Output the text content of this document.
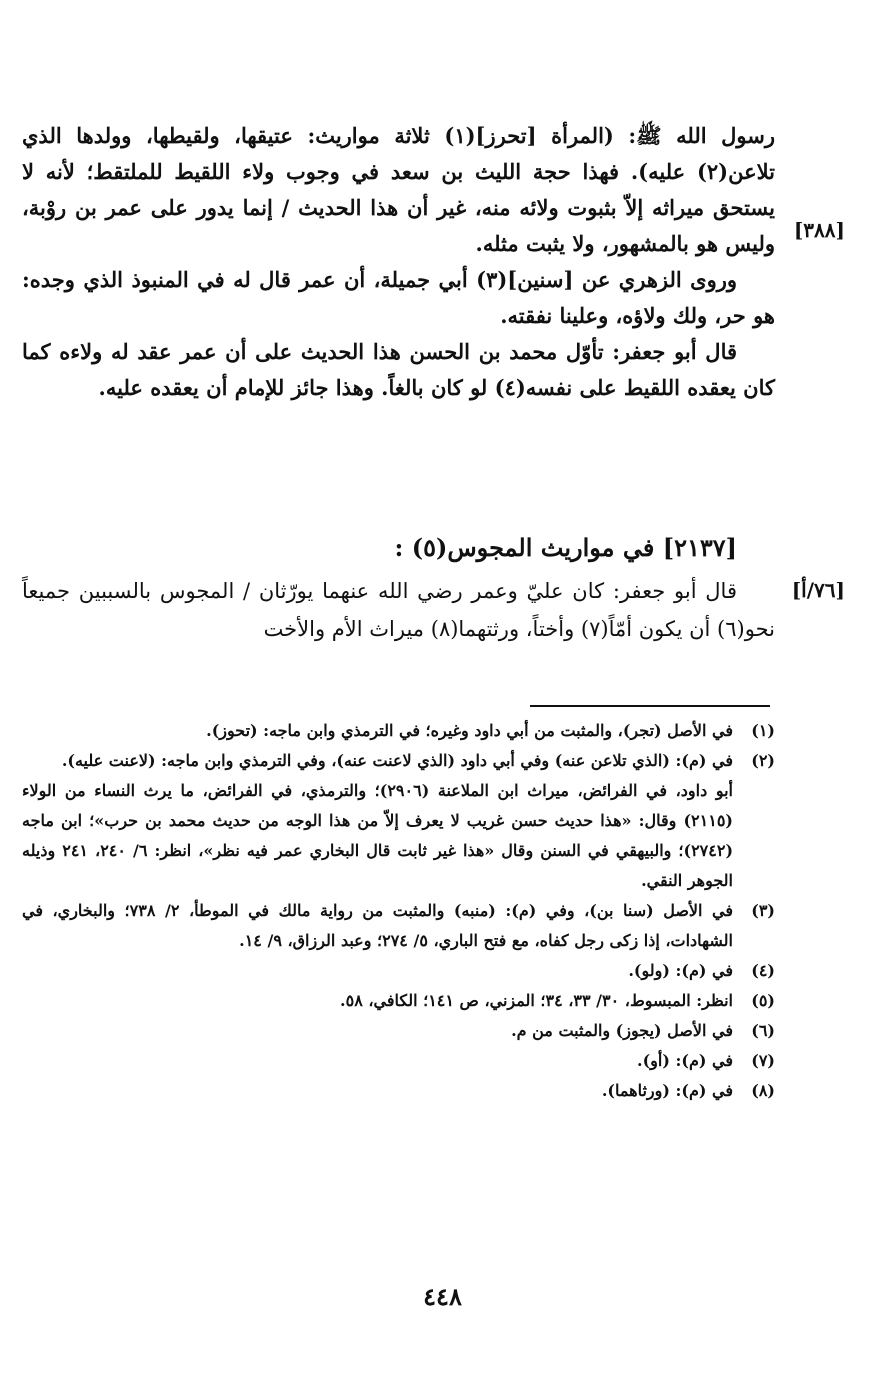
رسول الله ﷺ: (المرأة [تحرز](١) ثلاثة مواريث: عتيقها، ولقيطها، وولدها الذي تلاعن(٢) عليه). فهذا حجة الليث بن سعد في وجوب ولاء اللقيط للملتقط؛ لأنه لا يستحق ميراثه إلاّ بثبوت ولائه منه، غير أن هذا الحديث / إنما يدور على عمر بن روْبة، وليس هو بالمشهور، ولا يثبت مثله.

وروى الزهري عن [سنين](٣) أبي جميلة، أن عمر قال له في المنبوذ الذي وجده: هو حر، ولك ولاؤه، وعلينا نفقته.

قال أبو جعفر: تأوّل محمد بن الحسن هذا الحديث على أن عمر عقد له ولاءه كما كان يعقده اللقيط على نفسه(٤) لو كان بالغاً. وهذا جائز للإمام أن يعقده عليه.

[٣٨٨]
[٢١٣٧] في مواريث المجوس(٥) :

قال أبو جعفر: كان عليّ وعمر رضي الله عنهما يورّثان / المجوس بالسببين جميعاً نحو(٦) أن يكون أمّاً(٧) وأختاً، ورثتهما(٨) ميراث الأم والأخت

[٧٦/أ]
(١)
في الأصل (تجر)، والمثبت من أبي داود وغيره؛ في الترمذي وابن ماجه: (تحوز).
(٢)
في (م): (الذي تلاعن عنه) وفي أبي داود (الذي لاعنت عنه)، وفي الترمذي وابن ماجه: (لاعنت عليه).
أبو داود، في الفرائض، ميراث ابن الملاعنة (٢٩٠٦)؛ والترمذي، في الفرائض، ما يرث النساء من الولاء (٢١١٥) وقال: «هذا حديث حسن غريب لا يعرف إلاّ من هذا الوجه من حديث محمد بن حرب»؛ ابن ماجه (٢٧٤٢)؛ والبيهقي في السنن وقال «هذا غير ثابت قال البخاري عمر فيه نظر»، انظر: ٦/ ٢٤٠، ٢٤١ وذيله الجوهر النقي.
(٣)
في الأصل (سنا بن)، وفي (م): (منبه) والمثبت من رواية مالك في الموطأ، ٢/ ٧٣٨؛ والبخاري، في الشهادات، إذا زكى رجل كفاه، مع فتح الباري، ٥/ ٢٧٤؛ وعبد الرزاق، ٩/ ١٤.
(٤)
في (م): (ولو).
(٥)
انظر: المبسوط، ٣٠/ ٣٣، ٣٤؛ المزني، ص ١٤١؛ الكافي، ٥٨.
(٦)
في الأصل (يجوز) والمثبت من م.
(٧)
في (م): (أو).
(٨)
في (م): (ورثاهما).
٤٤٨
